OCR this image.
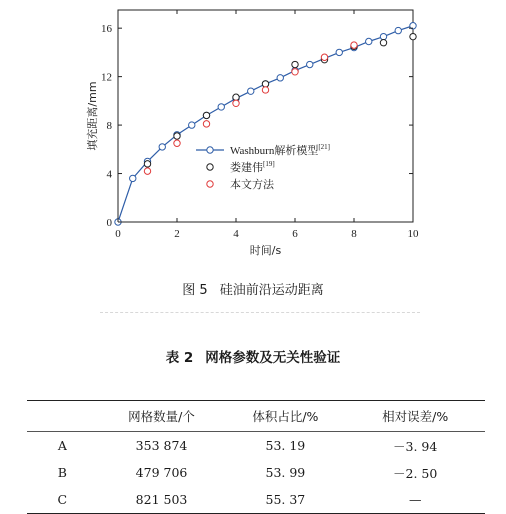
0	2	4	6	8	10
0
4
8
12
16
Washburn解析模型[21]
娄建伟[19]
本文方法
时间/s
填充距离/mm
图 5 硅油前沿运动距离
表 2 网格参数及无关性验证
	网格数量/个	体积占比/%	相对误差/%
A	353 874	53. 19	－3. 94
B	479 706	53. 99	－2. 50
C	821 503	55. 37	—
